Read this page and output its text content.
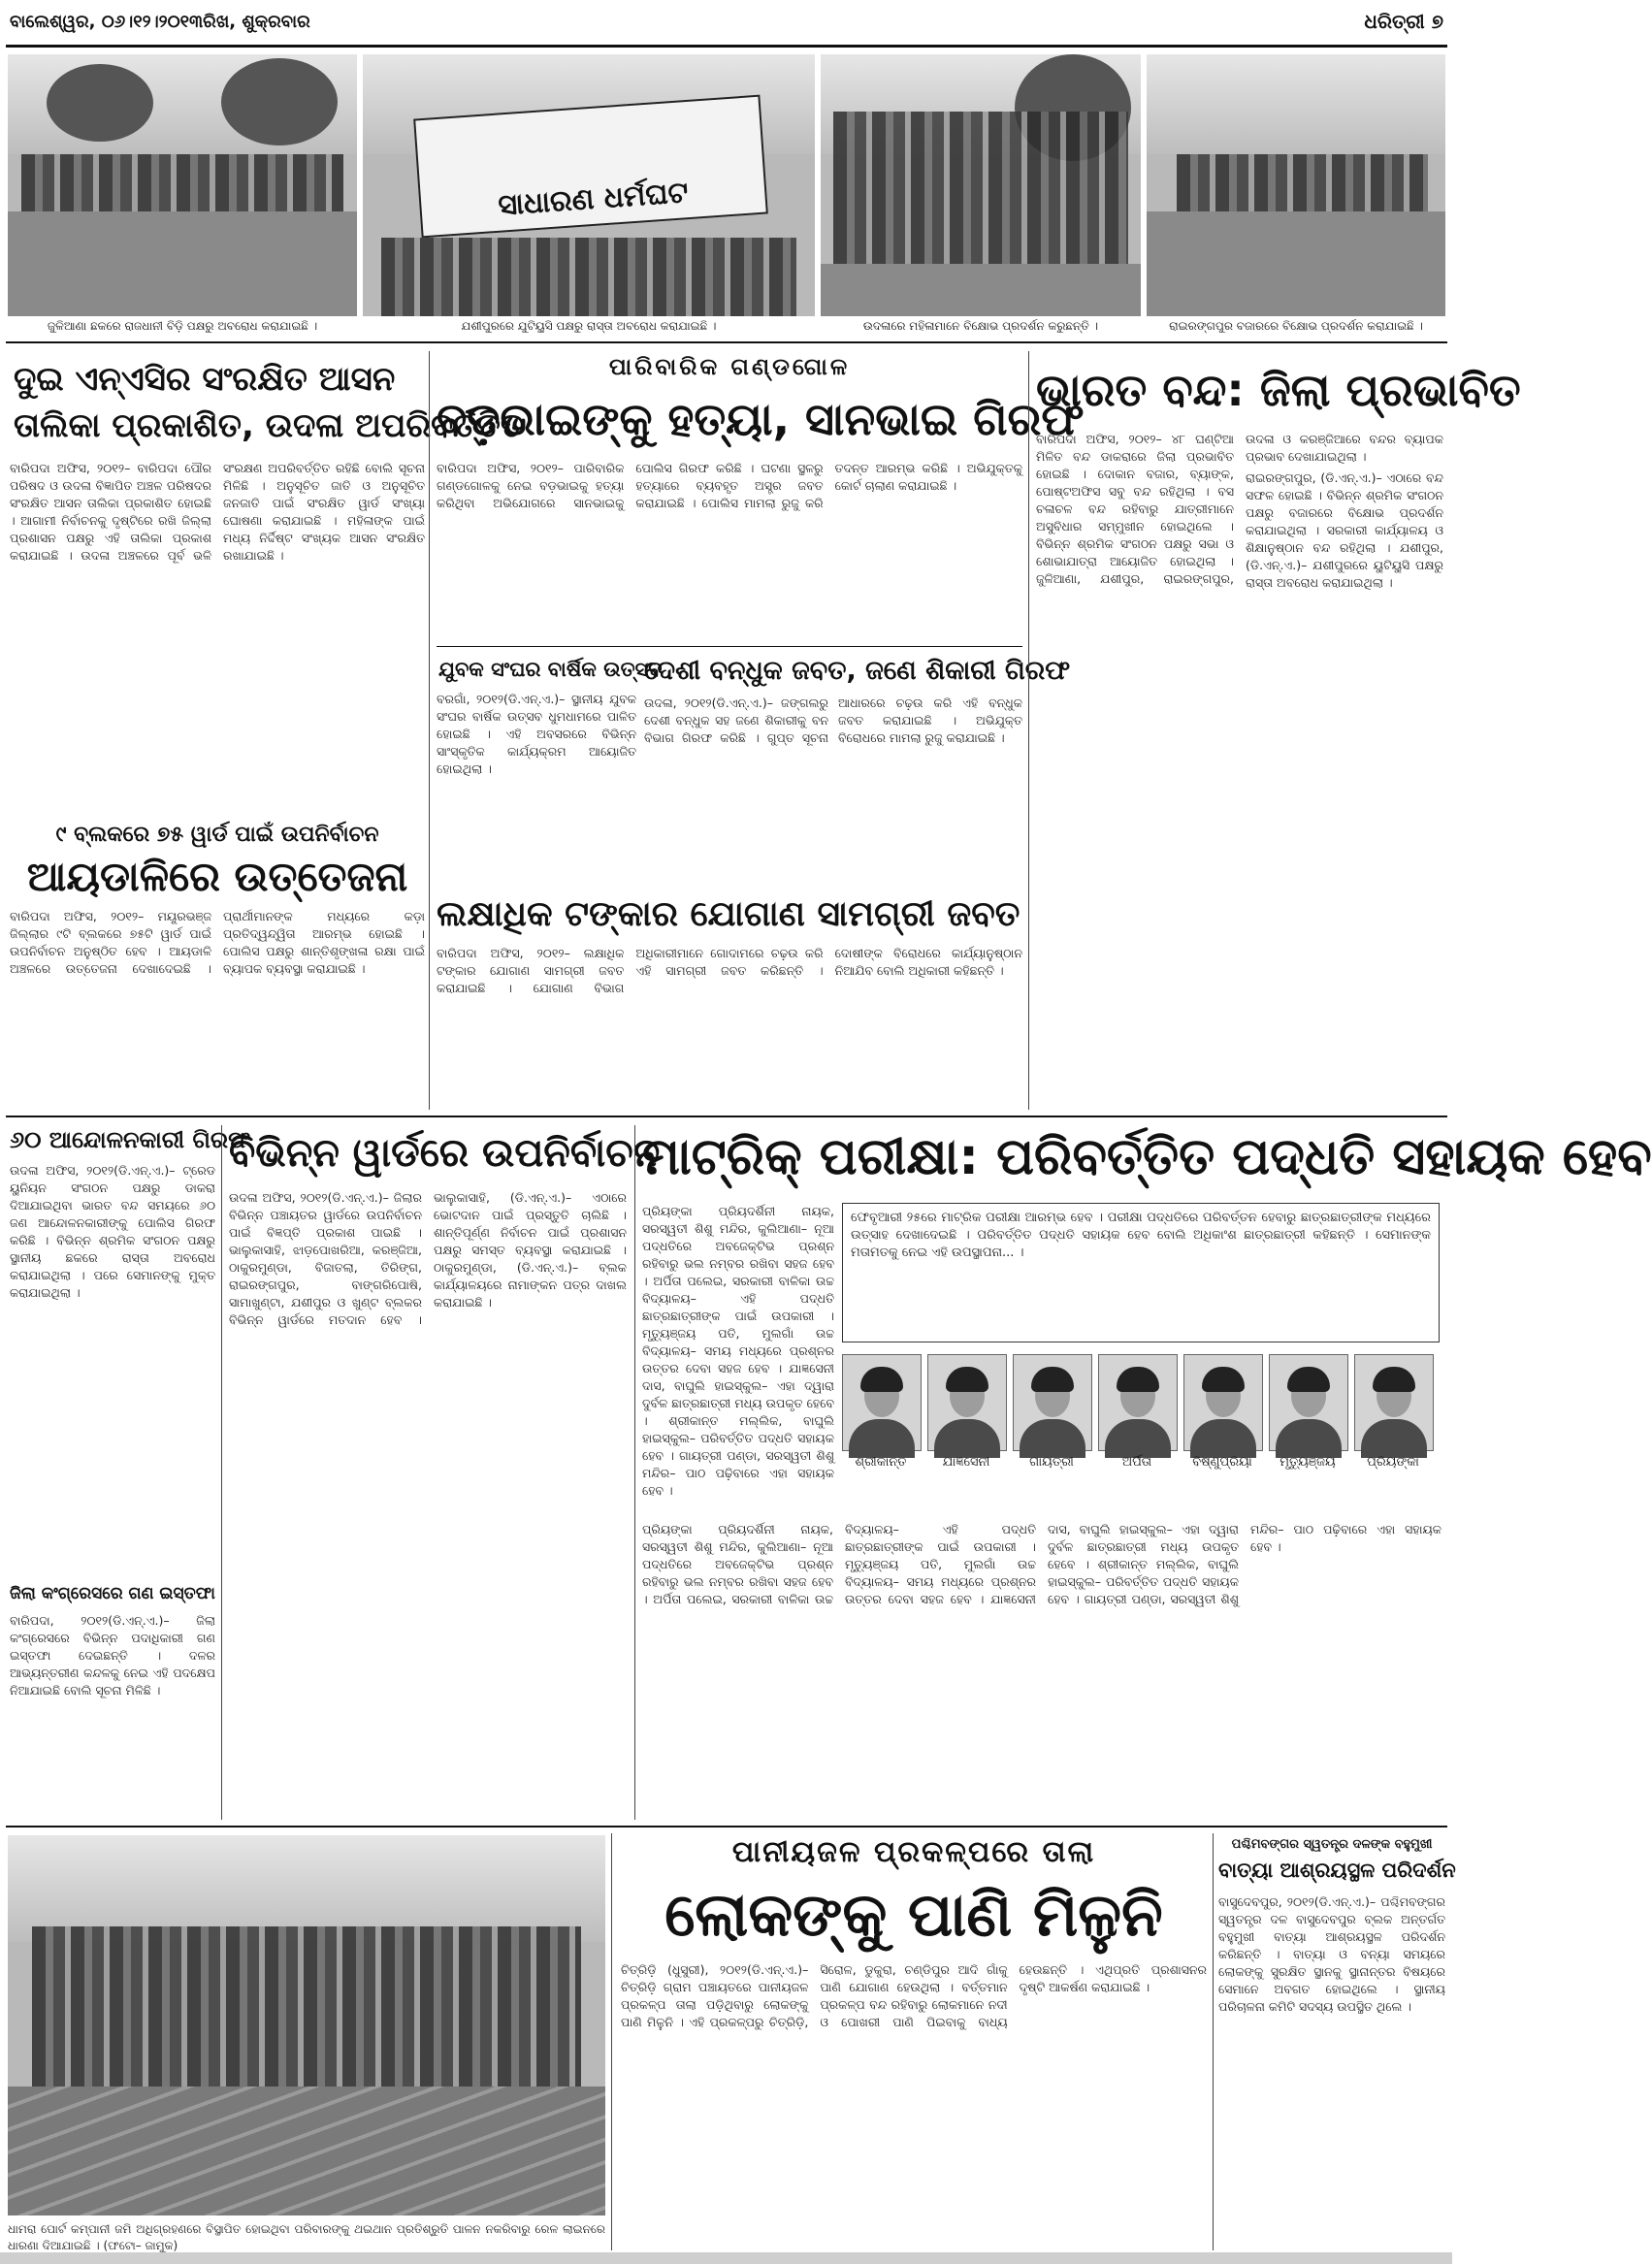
ବାଲେଶ୍ୱର, ୦୬।୧୨।୨୦୧୩ରିଖ, ଶୁକ୍ରବାର	ଧରିତ୍ରୀ ୭
ଜୁଳିଆଣା ଛକରେ ରାଜଧାନୀ ବିଡ଼ି ପକ୍ଷରୁ ଅବରୋଧ କରାଯାଇଛି ।
ସାଧାରଣ ଧର୍ମଘଟ
ଯଶୀପୁରରେ ଯୁଟିୟୁସି ପକ୍ଷରୁ ରାସ୍ତା ଅବରୋଧ କରାଯାଇଛି ।	ଉଦଳାରେ ମହିଳାମାନେ ବିକ୍ଷୋଭ ପ୍ରଦର୍ଶନ କରୁଛନ୍ତି ।	ରାଇରଙ୍ଗପୁର ବଜାରରେ ବିକ୍ଷୋଭ ପ୍ରଦର୍ଶନ କରାଯାଇଛି ।
ଦୁଇ ଏନ୍‌ଏସିର ସଂରକ୍ଷିତ ଆସନ
ତାଲିକା ପ୍ରକାଶିତ, ଉଦଳା ଅପରିବର୍ତ୍ତିତ

ବାରିପଦା ଅଫିସ, ୨୦୧୨– ବାରିପଦା ପୌର ପରିଷଦ ଓ ଉଦଳା ବିଜ୍ଞାପିତ ଅଞ୍ଚଳ ପରିଷଦର ସଂରକ୍ଷିତ ଆସନ ତାଲିକା ପ୍ରକାଶିତ ହୋଇଛି । ଆଗାମୀ ନିର୍ବାଚନକୁ ଦୃଷ୍ଟିରେ ରଖି ଜିଲ୍ଲା ପ୍ରଶାସନ ପକ୍ଷରୁ ଏହି ତାଲିକା ପ୍ରକାଶ କରାଯାଇଛି । ଉଦଳା ଅଞ୍ଚଳରେ ପୂର୍ବ ଭଳି ସଂରକ୍ଷଣ ଅପରିବର୍ତ୍ତିତ ରହିଛି ବୋଲି ସୂଚନା ମିଳିଛି । ଅନୁସୂଚିତ ଜାତି ଓ ଅନୁସୂଚିତ ଜନଜାତି ପାଇଁ ସଂରକ୍ଷିତ ୱାର୍ଡ ସଂଖ୍ୟା ଘୋଷଣା କରାଯାଇଛି । ମହିଳାଙ୍କ ପାଇଁ ମଧ୍ୟ ନିର୍ଦ୍ଦିଷ୍ଟ ସଂଖ୍ୟକ ଆସନ ସଂରକ୍ଷିତ ରଖାଯାଇଛି ।

୯ ବ୍ଲକରେ ୭୫ ୱାର୍ଡ ପାଇଁ ଉପନିର୍ବାଚନ
ଆୟଡାଳିରେ ଉତ୍ତେଜନା

ବାରିପଦା ଅଫିସ, ୨୦୧୨– ମୟୂରଭଞ୍ଜ ଜିଲ୍ଲାର ୯ଟି ବ୍ଲକରେ ୭୫ଟି ୱାର୍ଡ ପାଇଁ ଉପନିର୍ବାଚନ ଅନୁଷ୍ଠିତ ହେବ । ଆୟଡାଳି ଅଞ୍ଚଳରେ ଉତ୍ତେଜନା ଦେଖାଦେଇଛି । ପ୍ରାର୍ଥୀମାନଙ୍କ ମଧ୍ୟରେ କଡ଼ା ପ୍ରତିଦ୍ୱନ୍ଦ୍ୱିତା ଆରମ୍ଭ ହୋଇଛି । ପୋଲିସ ପକ୍ଷରୁ ଶାନ୍ତିଶୃଙ୍ଖଳା ରକ୍ଷା ପାଇଁ ବ୍ୟାପକ ବ୍ୟବସ୍ଥା କରାଯାଇଛି ।

ପାରିବାରିକ ଗଣ୍ଡଗୋଳ
ବଡ଼ଭାଇଙ୍କୁ ହତ୍ୟା, ସାନଭାଇ ଗିରଫ

ବାରିପଦା ଅଫିସ, ୨୦୧୨– ପାରିବାରିକ ଗଣ୍ଡଗୋଳକୁ ନେଇ ବଡ଼ଭାଇକୁ ହତ୍ୟା କରିଥିବା ଅଭିଯୋଗରେ ସାନଭାଇକୁ ପୋଲିସ ଗିରଫ କରିଛି । ଘଟଣା ସ୍ଥଳରୁ ହତ୍ୟାରେ ବ୍ୟବହୃତ ଅସ୍ତ୍ର ଜବତ କରାଯାଇଛି । ପୋଲିସ ମାମଲା ରୁଜୁ କରି ତଦନ୍ତ ଆରମ୍ଭ କରିଛି । ଅଭିଯୁକ୍ତକୁ କୋର୍ଟ ଚାଲାଣ କରାଯାଇଛି ।

ଯୁବକ ସଂଘର ବାର୍ଷିକ ଉତ୍ସବ

ବରଗାଁ, ୨୦୧୨(ଡି.ଏନ୍.ଏ.)– ସ୍ଥାନୀୟ ଯୁବକ ସଂଘର ବାର୍ଷିକ ଉତ୍ସବ ଧୁମଧାମରେ ପାଳିତ ହୋଇଛି । ଏହି ଅବସରରେ ବିଭିନ୍ନ ସାଂସ୍କୃତିକ କାର୍ଯ୍ୟକ୍ରମ ଆୟୋଜିତ ହୋଇଥିଲା ।

ଦେଶୀ ବନ୍ଧୁକ ଜବତ, ଜଣେ ଶିକାରୀ ଗିରଫ

ଉଦଳା, ୨୦୧୨(ଡି.ଏନ୍.ଏ.)– ଜଙ୍ଗଲରୁ ଦେଶୀ ବନ୍ଧୁକ ସହ ଜଣେ ଶିକାରୀକୁ ବନ ବିଭାଗ ଗିରଫ କରିଛି । ଗୁପ୍ତ ସୂଚନା ଆଧାରରେ ଚଢ଼ଉ କରି ଏହି ବନ୍ଧୁକ ଜବତ କରାଯାଇଛି । ଅଭିଯୁକ୍ତ ବିରୋଧରେ ମାମଲା ରୁଜୁ କରାଯାଇଛି ।

ଲକ୍ଷାଧିକ ଟଙ୍କାର ଯୋଗାଣ ସାମଗ୍ରୀ ଜବତ

ବାରିପଦା ଅଫିସ, ୨୦୧୨– ଲକ୍ଷାଧିକ ଟଙ୍କାର ଯୋଗାଣ ସାମଗ୍ରୀ ଜବତ କରାଯାଇଛି । ଯୋଗାଣ ବିଭାଗ ଅଧିକାରୀମାନେ ଗୋଦାମରେ ଚଢ଼ଉ କରି ଏହି ସାମଗ୍ରୀ ଜବତ କରିଛନ୍ତି । ଦୋଷୀଙ୍କ ବିରୋଧରେ କାର୍ଯ୍ୟାନୁଷ୍ଠାନ ନିଆଯିବ ବୋଲି ଅଧିକାରୀ କହିଛନ୍ତି ।

ଭାରତ ବନ୍ଦ: ଜିଲା ପ୍ରଭାବିତ

ବାରିପଦା ଅଫିସ, ୨୦୧୨– ୪୮ ଘଣ୍ଟିଆ ମିଳିତ ବନ୍ଦ ଡାକରାରେ ଜିଲା ପ୍ରଭାବିତ ହୋଇଛି । ଦୋକାନ ବଜାର, ବ୍ୟାଙ୍କ, ପୋଷ୍ଟଅଫିସ ସବୁ ବନ୍ଦ ରହିଥିଲା । ବସ ଚଳାଚଳ ବନ୍ଦ ରହିବାରୁ ଯାତ୍ରୀମାନେ ଅସୁବିଧାର ସମ୍ମୁଖୀନ ହୋଇଥିଲେ । ବିଭିନ୍ନ ଶ୍ରମିକ ସଂଗଠନ ପକ୍ଷରୁ ସଭା ଓ ଶୋଭାଯାତ୍ରା ଆୟୋଜିତ ହୋଇଥିଲା । ଜୁଳିଆଣା, ଯଶୀପୁର, ରାଇରଙ୍ଗପୁର, ଉଦଳା ଓ କରଞ୍ଜିଆରେ ବନ୍ଦର ବ୍ୟାପକ ପ୍ରଭାବ ଦେଖାଯାଇଥିଲା ।

ରାଇରଙ୍ଗପୁର, (ଡି.ଏନ୍.ଏ.)– ଏଠାରେ ବନ୍ଦ ସଫଳ ହୋଇଛି । ବିଭିନ୍ନ ଶ୍ରମିକ ସଂଗଠନ ପକ୍ଷରୁ ବଜାରରେ ବିକ୍ଷୋଭ ପ୍ରଦର୍ଶନ କରାଯାଇଥିଲା । ସରକାରୀ କାର୍ଯ୍ୟାଳୟ ଓ ଶିକ୍ଷାନୁଷ୍ଠାନ ବନ୍ଦ ରହିଥିଲା । ଯଶୀପୁର, (ଡି.ଏନ୍.ଏ.)– ଯଶୀପୁରରେ ୟୁଟିୟୁସି ପକ୍ଷରୁ ରାସ୍ତା ଅବରୋଧ କରାଯାଇଥିଲା ।

୬୦ ଆନ୍ଦୋଳନକାରୀ ଗିରଫ

ଉଦଳା ଅଫିସ, ୨୦୧୨(ଡି.ଏନ୍.ଏ.)– ଟ୍ରେଡ ୟୁନିୟନ ସଂଗଠନ ପକ୍ଷରୁ ଡାକରା ଦିଆଯାଇଥିବା ଭାରତ ବନ୍ଦ ସମୟରେ ୬୦ ଜଣ ଆନ୍ଦୋଳନକାରୀଙ୍କୁ ପୋଲିସ ଗିରଫ କରିଛି । ବିଭିନ୍ନ ଶ୍ରମିକ ସଂଗଠନ ପକ୍ଷରୁ ସ୍ଥାନୀୟ ଛକରେ ରାସ୍ତା ଅବରୋଧ କରାଯାଇଥିଲା । ପରେ ସେମାନଙ୍କୁ ମୁକ୍ତ କରାଯାଇଥିଲା ।

ଜିଲା କଂଗ୍ରେସରେ ଗଣ ଇସ୍ତଫା

ବାରିପଦା, ୨୦୧୨(ଡି.ଏନ୍.ଏ.)– ଜିଲା କଂଗ୍ରେସରେ ବିଭିନ୍ନ ପଦାଧିକାରୀ ଗଣ ଇସ୍ତଫା ଦେଇଛନ୍ତି । ଦଳର ଆଭ୍ୟନ୍ତରୀଣ କନ୍ଦଳକୁ ନେଇ ଏହି ପଦକ୍ଷେପ ନିଆଯାଇଛି ବୋଲି ସୂଚନା ମିଳିଛି ।

ବିଭିନ୍ନ ୱାର୍ଡରେ ଉପନିର୍ବାଚନ

ଉଦଳା ଅଫିସ, ୨୦୧୨(ଡି.ଏନ୍.ଏ.)– ଜିଲାର ବିଭିନ୍ନ ପଞ୍ଚାୟତର ୱାର୍ଡରେ ଉପନିର୍ବାଚନ ପାଇଁ ବିଜ୍ଞପ୍ତି ପ୍ରକାଶ ପାଇଛି । ଭାଲୁକାସାହି, ଝାଡ଼ପୋଖରିଆ, କରଞ୍ଜିଆ, ଠାକୁରମୁଣ୍ଡା, ବିଜାତଲା, ତିରିଙ୍ଗ, ରାଇରଙ୍ଗପୁର, ବାଙ୍ଗରିପୋଷି, ସାମାଖୁଣ୍ଟା, ଯଶୀପୁର ଓ ଖୁଣ୍ଟ ବ୍ଲକର ବିଭିନ୍ନ ୱାର୍ଡରେ ମତଦାନ ହେବ । ଭାଲୁକାସାହି, (ଡି.ଏନ୍.ଏ.)– ଏଠାରେ ଭୋଟଦାନ ପାଇଁ ପ୍ରସ୍ତୁତି ଚାଲିଛି । ଶାନ୍ତିପୂର୍ଣ୍ଣ ନିର୍ବାଚନ ପାଇଁ ପ୍ରଶାସନ ପକ୍ଷରୁ ସମସ୍ତ ବ୍ୟବସ୍ଥା କରାଯାଇଛି । ଠାକୁରମୁଣ୍ଡା, (ଡି.ଏନ୍.ଏ.)– ବ୍ଲକ କାର୍ଯ୍ୟାଳୟରେ ନାମାଙ୍କନ ପତ୍ର ଦାଖଲ କରାଯାଇଛି ।

ମାଟ୍ରିକ୍ ପରୀକ୍ଷା: ପରିବର୍ତ୍ତିତ ପଦ୍ଧତି ସହାୟକ ହେବ

ଫେବୃଆରୀ ୨୫ରେ ମାଟ୍ରିକ ପରୀକ୍ଷା ଆରମ୍ଭ ହେବ । ପରୀକ୍ଷା ପଦ୍ଧତିରେ ପରିବର୍ତ୍ତନ ହେବାରୁ ଛାତ୍ରଛାତ୍ରୀଙ୍କ ମଧ୍ୟରେ ଉତ୍ସାହ ଦେଖାଦେଇଛି । ପରିବର୍ତ୍ତିତ ପଦ୍ଧତି ସହାୟକ ହେବ ବୋଲି ଅଧିକାଂଶ ଛାତ୍ରଛାତ୍ରୀ କହିଛନ୍ତି । ସେମାନଙ୍କ ମତାମତକୁ ନେଇ ଏହି ଉପସ୍ଥାପନା... ।

ପ୍ରିୟଙ୍କା ପ୍ରିୟଦର୍ଶିନୀ ନାୟକ, ସରସ୍ୱତୀ ଶିଶୁ ମନ୍ଦିର, କୁଲିଆଣା– ନୂଆ ପଦ୍ଧତିରେ ଅବଜେକ୍ଟିଭ ପ୍ରଶ୍ନ ରହିବାରୁ ଭଲ ନମ୍ବର ରଖିବା ସହଜ ହେବ । ଅର୍ପିତା ପଲେଇ, ସରକାରୀ ବାଳିକା ଉଚ୍ଚ ବିଦ୍ୟାଳୟ– ଏହି ପଦ୍ଧତି ଛାତ୍ରଛାତ୍ରୀଙ୍କ ପାଇଁ ଉପକାରୀ । ମୃତ୍ୟୁଞ୍ଜୟ ପତି, ମୁଲଗାଁ ଉଚ୍ଚ ବିଦ୍ୟାଳୟ– ସମୟ ମଧ୍ୟରେ ପ୍ରଶ୍ନର ଉତ୍ତର ଦେବା ସହଜ ହେବ । ଯାଜ୍ଞସେନୀ ଦାସ, ବାଘୁଲି ହାଇସ୍କୁଲ– ଏହା ଦ୍ୱାରା ଦୁର୍ବଳ ଛାତ୍ରଛାତ୍ରୀ ମଧ୍ୟ ଉପକୃତ ହେବେ । ଶ୍ରୀକାନ୍ତ ମଲ୍ଲିକ, ବାଘୁଲି ହାଇସ୍କୁଲ– ପରିବର୍ତ୍ତିତ ପଦ୍ଧତି ସହାୟକ ହେବ । ଗାୟତ୍ରୀ ପଣ୍ଡା, ସରସ୍ୱତୀ ଶିଶୁ ମନ୍ଦିର– ପାଠ ପଢ଼ିବାରେ ଏହା ସହାୟକ ହେବ ।

ଶ୍ରୀକାନ୍ତ	ଯାଜ୍ଞସେନୀ	ଗାୟତ୍ରୀ	ଅର୍ପିତା	ବିଷ୍ଣୁପ୍ରିୟା	ମୃତ୍ୟୁଞ୍ଜୟ	ପ୍ରିୟଙ୍କା

ପ୍ରିୟଙ୍କା ପ୍ରିୟଦର୍ଶିନୀ ନାୟକ, ସରସ୍ୱତୀ ଶିଶୁ ମନ୍ଦିର, କୁଲିଆଣା– ନୂଆ ପଦ୍ଧତିରେ ଅବଜେକ୍ଟିଭ ପ୍ରଶ୍ନ ରହିବାରୁ ଭଲ ନମ୍ବର ରଖିବା ସହଜ ହେବ । ଅର୍ପିତା ପଲେଇ, ସରକାରୀ ବାଳିକା ଉଚ୍ଚ ବିଦ୍ୟାଳୟ– ଏହି ପଦ୍ଧତି ଛାତ୍ରଛାତ୍ରୀଙ୍କ ପାଇଁ ଉପକାରୀ । ମୃତ୍ୟୁଞ୍ଜୟ ପତି, ମୁଲଗାଁ ଉଚ୍ଚ ବିଦ୍ୟାଳୟ– ସମୟ ମଧ୍ୟରେ ପ୍ରଶ୍ନର ଉତ୍ତର ଦେବା ସହଜ ହେବ । ଯାଜ୍ଞସେନୀ ଦାସ, ବାଘୁଲି ହାଇସ୍କୁଲ– ଏହା ଦ୍ୱାରା ଦୁର୍ବଳ ଛାତ୍ରଛାତ୍ରୀ ମଧ୍ୟ ଉପକୃତ ହେବେ । ଶ୍ରୀକାନ୍ତ ମଲ୍ଲିକ, ବାଘୁଲି ହାଇସ୍କୁଲ– ପରିବର୍ତ୍ତିତ ପଦ୍ଧତି ସହାୟକ ହେବ । ଗାୟତ୍ରୀ ପଣ୍ଡା, ସରସ୍ୱତୀ ଶିଶୁ ମନ୍ଦିର– ପାଠ ପଢ଼ିବାରେ ଏହା ସହାୟକ ହେବ ।

ଧାମରା ପୋର୍ଟ କମ୍ପାନୀ ଜମି ଅଧିଗ୍ରହଣରେ ବିସ୍ଥାପିତ ହୋଇଥିବା ପରିବାରଙ୍କୁ ଥଇଥାନ ପ୍ରତିଶ୍ରୁତି ପାଳନ ନକରିବାରୁ ରେଳ ଲାଇନରେ ଧାରଣା ଦିଆଯାଇଛି । (ଫଟୋ– ଜାମୁକ)

ପାନୀୟଜଳ ପ୍ରକଳ୍ପରେ ତାଲା
ଲୋକଙ୍କୁ ପାଣି ମିଳୁନି

ଚିତ୍ରିଡ଼ି (ଧୁସୁରୀ), ୨୦୧୨(ଡି.ଏନ୍.ଏ.)– ଚିତ୍ରିଡ଼ି ଗ୍ରାମ ପଞ୍ଚାୟତରେ ପାନୀୟଜଳ ପ୍ରକଳ୍ପ ତାଲା ପଡ଼ିଥିବାରୁ ଲୋକଙ୍କୁ ପାଣି ମିଳୁନି । ଏହି ପ୍ରକଳ୍ପରୁ ଚିତ୍ରିଡ଼ି, ସିରୋଳ, ଡୁକୁରା, ଚଣ୍ଡିପୁର ଆଦି ଗାଁକୁ ପାଣି ଯୋଗାଣ ହେଉଥିଲା । ବର୍ତ୍ତମାନ ପ୍ରକଳ୍ପ ବନ୍ଦ ରହିବାରୁ ଲୋକମାନେ ନଦୀ ଓ ପୋଖରୀ ପାଣି ପିଇବାକୁ ବାଧ୍ୟ ହେଉଛନ୍ତି । ଏଥିପ୍ରତି ପ୍ରଶାସନର ଦୃଷ୍ଟି ଆକର୍ଷଣ କରାଯାଇଛି ।

ପଶ୍ଚିମବଙ୍ଗର ସ୍ୱତନ୍ତ୍ର ଦଳଙ୍କ ବହୁମୁଖୀ
ବାତ୍ୟା ଆଶ୍ରୟସ୍ଥଳ ପରିଦର୍ଶନ

ବାସୁଦେବପୁର, ୨୦୧୨(ଡି.ଏନ୍.ଏ.)– ପଶ୍ଚିମବଙ୍ଗର ସ୍ୱତନ୍ତ୍ର ଦଳ ବାସୁଦେବପୁର ବ୍ଲକ ଅନ୍ତର୍ଗତ ବହୁମୁଖୀ ବାତ୍ୟା ଆଶ୍ରୟସ୍ଥଳ ପରିଦର୍ଶନ କରିଛନ୍ତି । ବାତ୍ୟା ଓ ବନ୍ୟା ସମୟରେ ଲୋକଙ୍କୁ ସୁରକ୍ଷିତ ସ୍ଥାନକୁ ସ୍ଥାନାନ୍ତର ବିଷୟରେ ସେମାନେ ଅବଗତ ହୋଇଥିଲେ । ସ୍ଥାନୀୟ ପରିଚାଳନା କମିଟି ସଦସ୍ୟ ଉପସ୍ଥିତ ଥିଲେ ।
